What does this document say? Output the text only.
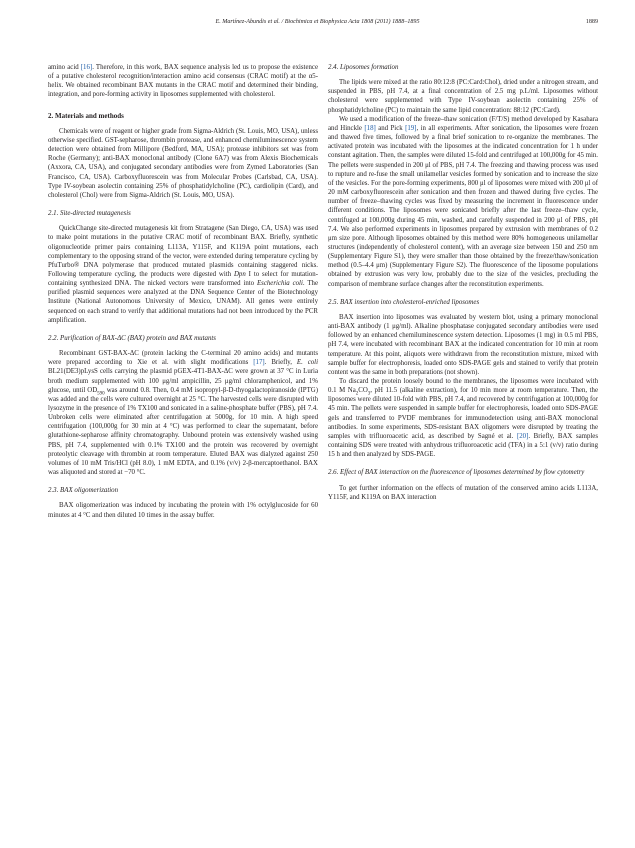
E. Martínez-Abundis et al. / Biochimica et Biophysica Acta 1808 (2011) 1888–1895	1889

amino acid [16]. Therefore, in this work, BAX sequence analysis led us to propose the existence of a putative cholesterol recognition/interaction amino acid consensus (CRAC motif) at the α5-helix. We obtained recombinant BAX mutants in the CRAC motif and determined their binding, integration, and pore-forming activity in liposomes supplemented with cholesterol.

2. Materials and methods

Chemicals were of reagent or higher grade from Sigma-Aldrich (St. Louis, MO, USA), unless otherwise specified. GST-sepharose, thrombin protease, and enhanced chemiluminescence system detection were obtained from Millipore (Bedford, MA, USA); protease inhibitors set was from Roche (Germany); anti-BAX monoclonal antibody (Clone 6A7) was from Alexis Biochemicals (Axxora, CA, USA), and conjugated secondary antibodies were from Zymed Laboratories (San Francisco, CA, USA). Carboxyfluorescein was from Molecular Probes (Carlsbad, CA, USA). Type IV-soybean asolectin containing 25% of phosphatidylcholine (PC), cardiolipin (Card), and cholesterol (Chol) were from Sigma-Aldrich (St. Louis, MO, USA).

2.1. Site-directed mutagenesis

QuickChange site-directed mutagenesis kit from Stratagene (San Diego, CA, USA) was used to make point mutations in the putative CRAC motif of recombinant BAX. Briefly, synthetic oligonucleotide primer pairs containing L113A, Y115F, and K119A point mutations, each complementary to the opposing strand of the vector, were extended during temperature cycling by PfuTurbo® DNA polymerase that produced mutated plasmids containing staggered nicks. Following temperature cycling, the products were digested with Dpn I to select for mutation-containing synthesized DNA. The nicked vectors were transformed into Escherichia coli. The purified plasmid sequences were analyzed at the DNA Sequence Center of the Biotechnology Institute (National Autonomous University of Mexico, UNAM). All genes were entirely sequenced on each strand to verify that additional mutations had not been introduced by the PCR amplification.

2.2. Purification of BAX-ΔC (BAX) protein and BAX mutants

Recombinant GST-BAX-ΔC (protein lacking the C-terminal 20 amino acids) and mutants were prepared according to Xie et al. with slight modifications [17]. Briefly, E. coli BL21(DE3)pLysS cells carrying the plasmid pGEX-4T1-BAX-ΔC were grown at 37 °C in Luria broth medium supplemented with 100 μg/ml ampicillin, 25 μg/ml chloramphenicol, and 1% glucose, until $OD_{590}$ was around 0.8. Then, 0.4 mM isopropyl-β-D-thyogalactopiranoside (IPTG) was added and the cells were cultured overnight at 25 °C. The harvested cells were disrupted with lysozyme in the presence of 1% TX100 and sonicated in a saline-phosphate buffer (PBS), pH 7.4. Unbroken cells were eliminated after centrifugation at 5000g, for 10 min. A high speed centrifugation (100,000g for 30 min at 4 °C) was performed to clear the supernatant, before glutathione-sepharose affinity chromatography. Unbound protein was extensively washed using PBS, pH 7.4, supplemented with 0.1% TX100 and the protein was recovered by overnight proteolytic cleavage with thrombin at room temperature. Eluted BAX was dialyzed against 250 volumes of 10 mM Tris/HCl (pH 8.0), 1 mM EDTA, and 0.1% (v/v) 2-β-mercaptoethanol. BAX was aliquoted and stored at −70 °C.

2.3. BAX oligomerization

BAX oligomerization was induced by incubating the protein with 1% octylglucoside for 60 minutes at 4 °C and then diluted 10 times in the assay buffer.

2.4. Liposomes formation

The lipids were mixed at the ratio 80:12:8 (PC:Card:Chol), dried under a nitrogen stream, and suspended in PBS, pH 7.4, at a final concentration of 2.5 mg p.L/ml. Liposomes without cholesterol were supplemented with Type IV-soybean asolectin containing 25% of phosphatidylcholine (PC) to maintain the same lipid concentration: 88:12 (PC:Card).

We used a modification of the freeze–thaw sonication (F/T/S) method developed by Kasahara and Hinckle [18] and Pick [19], in all experiments. After sonication, the liposomes were frozen and thawed five times, followed by a final brief sonication to re-organize the membranes. The activated protein was incubated with the liposomes at the indicated concentration for 1 h under constant agitation. Then, the samples were diluted 15-fold and centrifuged at 100,000g for 45 min. The pellets were suspended in 200 μl of PBS, pH 7.4. The freezing and thawing process was used to rupture and re-fuse the small unilamellar vesicles formed by sonication and to increase the size of the vesicles. For the pore-forming experiments, 800 μl of liposomes were mixed with 200 μl of 20 mM carboxyfluorescein after sonication and then frozen and thawed during five cycles. The number of freeze–thawing cycles was fixed by measuring the increment in fluorescence under different conditions. The liposomes were sonicated briefly after the last freeze–thaw cycle, centrifuged at 100,000g during 45 min, washed, and carefully suspended in 200 μl of PBS, pH 7.4. We also performed experiments in liposomes prepared by extrusion with membranes of 0.2 μm size pore. Although liposomes obtained by this method were 80% homogeneous unilamellar structures (independently of cholesterol content), with an average size between 150 and 250 nm (Supplementary Figure S1), they were smaller than those obtained by the freeze/thaw/sonication method (0.5–4.4 μm) (Supplementary Figure S2). The fluorescence of the liposome populations obtained by extrusion was very low, probably due to the size of the vesicles, precluding the comparison of membrane surface changes after the reconstitution experiments.

2.5. BAX insertion into cholesterol-enriched liposomes

BAX insertion into liposomes was evaluated by western blot, using a primary monoclonal anti-BAX antibody (1 μg/ml). Alkaline phosphatase conjugated secondary antibodies were used followed by an enhanced chemiluminescence system detection. Liposomes (1 mg) in 0.5 ml PBS, pH 7.4, were incubated with recombinant BAX at the indicated concentration for 10 min at room temperature. At this point, aliquots were withdrawn from the reconstitution mixture, mixed with sample buffer for electrophoresis, loaded onto SDS-PAGE gels and stained to verify that protein content was the same in both preparations (not shown).

To discard the protein loosely bound to the membranes, the liposomes were incubated with 0.1 M $Na_2CO_3$, pH 11.5 (alkaline extraction), for 10 min more at room temperature. Then, the liposomes were diluted 10-fold with PBS, pH 7.4, and recovered by centrifugation at 100,000g for 45 min. The pellets were suspended in sample buffer for electrophoresis, loaded onto SDS-PAGE gels and transferred to PVDF membranes for immunodetection using anti-BAX monoclonal antibodies. In some experiments, SDS-resistant BAX oligomers were disrupted by treating the samples with trifluoroacetic acid, as described by Sagné et al. [20]. Briefly, BAX samples containing SDS were treated with anhydrous trifluoroacetic acid (TFA) in a 5:1 (v/v) ratio during 15 h and then analyzed by SDS-PAGE.

2.6. Effect of BAX interaction on the fluorescence of liposomes determined by flow cytometry

To get further information on the effects of mutation of the conserved amino acids L113A, Y115F, and K119A on BAX interaction
